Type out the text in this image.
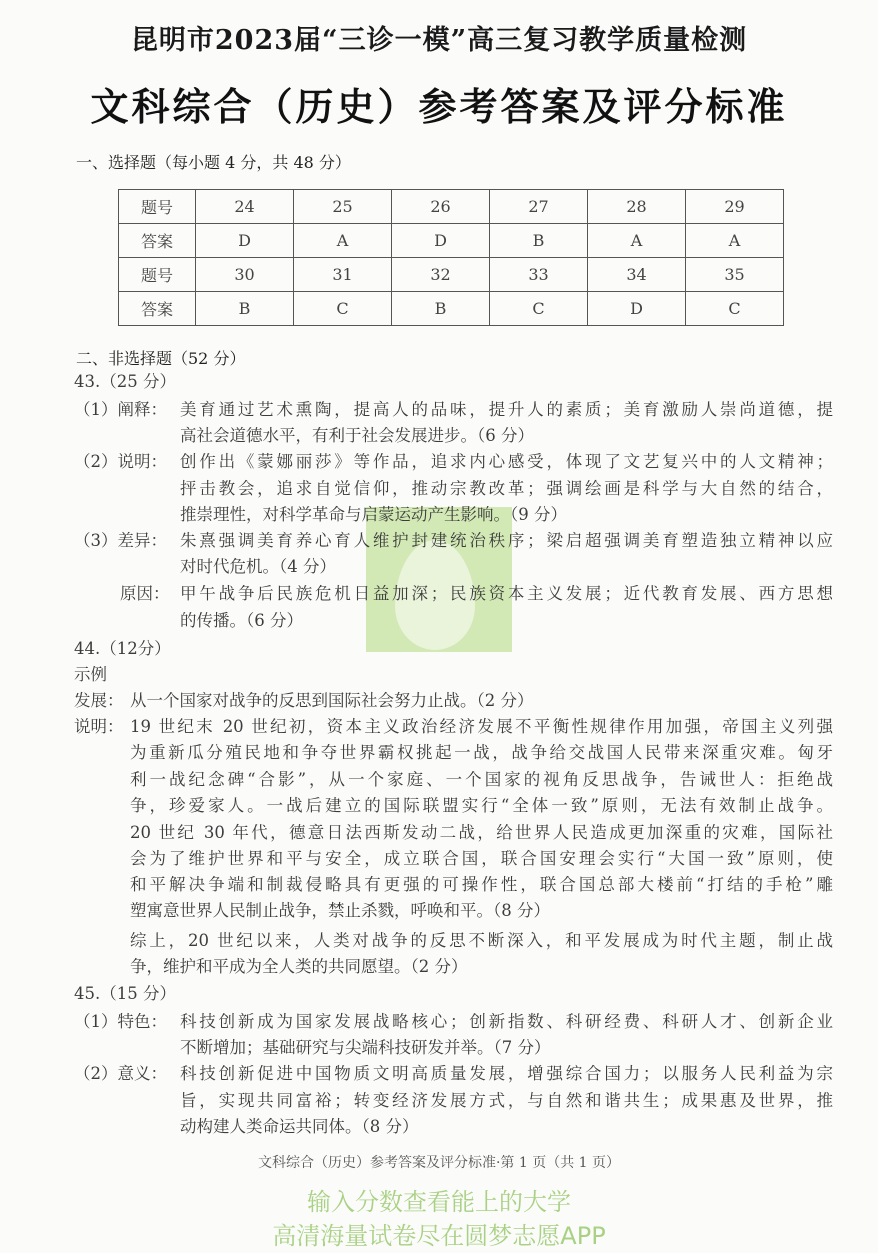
昆明市2023届“三诊一模”高三复习教学质量检测
文科综合（历史）参考答案及评分标准
一、选择题（每小题 4 分，共 48 分）
题号	24	25	26	27	28	29
答案	D	A	D	B	A	A
题号	30	31	32	33	34	35
答案	B	C	B	C	D	C
二、非选择题（52 分）
43.（25 分）
（1）阐释： 美育通过艺术熏陶，提高人的品味，提升人的素质；美育激励人崇尚道德，提
高社会道德水平，有利于社会发展进步。（6 分）
（2）说明： 创作出《蒙娜丽莎》等作品，追求内心感受，体现了文艺复兴中的人文精神；
抨击教会，追求自觉信仰，推动宗教改革；强调绘画是科学与大自然的结合，
推崇理性，对科学革命与启蒙运动产生影响。（9 分）
（3）差异： 朱熹强调美育养心育人维护封建统治秩序；梁启超强调美育塑造独立精神以应
对时代危机。（4 分）
原因： 甲午战争后民族危机日益加深；民族资本主义发展；近代教育发展、西方思想
的传播。（6 分）
44.（12分）
示例
发展： 从一个国家对战争的反思到国际社会努力止战。（2 分）
说明： 19 世纪末 20 世纪初，资本主义政治经济发展不平衡性规律作用加强，帝国主义列强
为重新瓜分殖民地和争夺世界霸权挑起一战，战争给交战国人民带来深重灾难。匈牙
利一战纪念碑“合影”，从一个家庭、一个国家的视角反思战争，告诫世人：拒绝战
争，珍爱家人。一战后建立的国际联盟实行“全体一致”原则，无法有效制止战争。
20 世纪 30 年代，德意日法西斯发动二战，给世界人民造成更加深重的灾难，国际社
会为了维护世界和平与安全，成立联合国，联合国安理会实行“大国一致”原则，使
和平解决争端和制裁侵略具有更强的可操作性，联合国总部大楼前“打结的手枪”雕
塑寓意世界人民制止战争，禁止杀戮，呼唤和平。（8 分）
综上，20 世纪以来，人类对战争的反思不断深入，和平发展成为时代主题，制止战
争，维护和平成为全人类的共同愿望。（2 分）
45.（15 分）
（1）特色： 科技创新成为国家发展战略核心；创新指数、科研经费、科研人才、创新企业
不断增加；基础研究与尖端科技研发并举。（7 分）
（2）意义： 科技创新促进中国物质文明高质量发展，增强综合国力；以服务人民利益为宗
旨，实现共同富裕；转变经济发展方式，与自然和谐共生；成果惠及世界，推
动构建人类命运共同体。（8 分）
文科综合（历史）参考答案及评分标准·第 1 页（共 1 页）
输入分数查看能上的大学
高清海量试卷尽在圆梦志愿APP
